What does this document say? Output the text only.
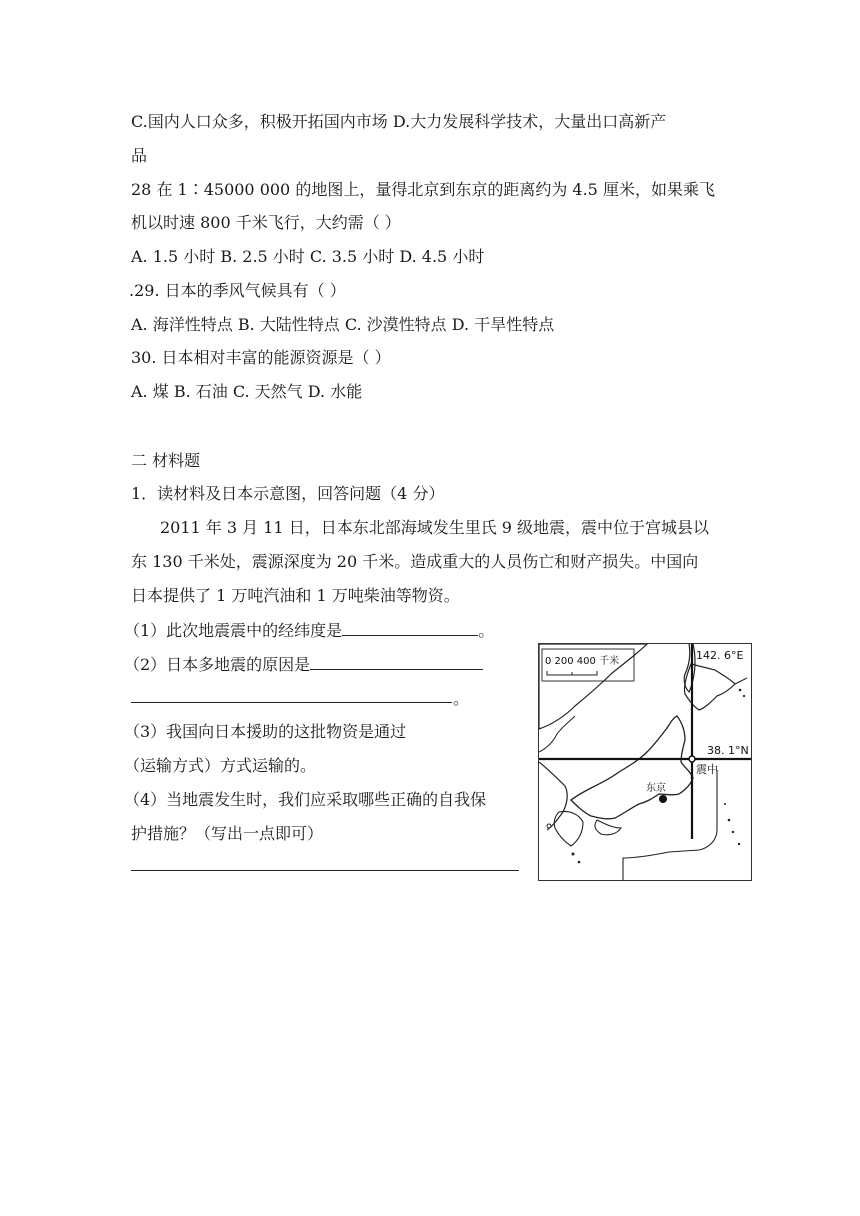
C.国内人口众多，积极开拓国内市场 D.大力发展科学技术，大量出口高新产
品
28 在 1∶45000 000 的地图上，量得北京到东京的距离约为 4.5 厘米，如果乘飞
机以时速 800 千米飞行，大约需（ ）
A. 1.5 小时 B. 2.5 小时 C. 3.5 小时 D. 4.5 小时
.29. 日本的季风气候具有（ ）
A. 海洋性特点 B. 大陆性特点 C. 沙漠性特点 D. 干旱性特点
30. 日本相对丰富的能源资源是（ ）
A. 煤 B. 石油 C. 天然气 D. 水能
二 材料题
1．读材料及日本示意图，回答问题（4 分）
2011 年 3 月 11 日，日本东北部海域发生里氏 9 级地震，震中位于宫城县以
东 130 千米处，震源深度为 20 千米。造成重大的人员伤亡和财产损失。中国向
日本提供了 1 万吨汽油和 1 万吨柴油等物资。
（1）此次地震震中的经纬度是	。
（2）日本多地震的原因是
。
（3）我国向日本援助的这批物资是通过
（运输方式）方式运输的。
（4）当地震发生时，我们应采取哪些正确的自我保
护措施？（写出一点即可）
0 200 400 千米	142. 6°E
38. 1°N
震中
东京
